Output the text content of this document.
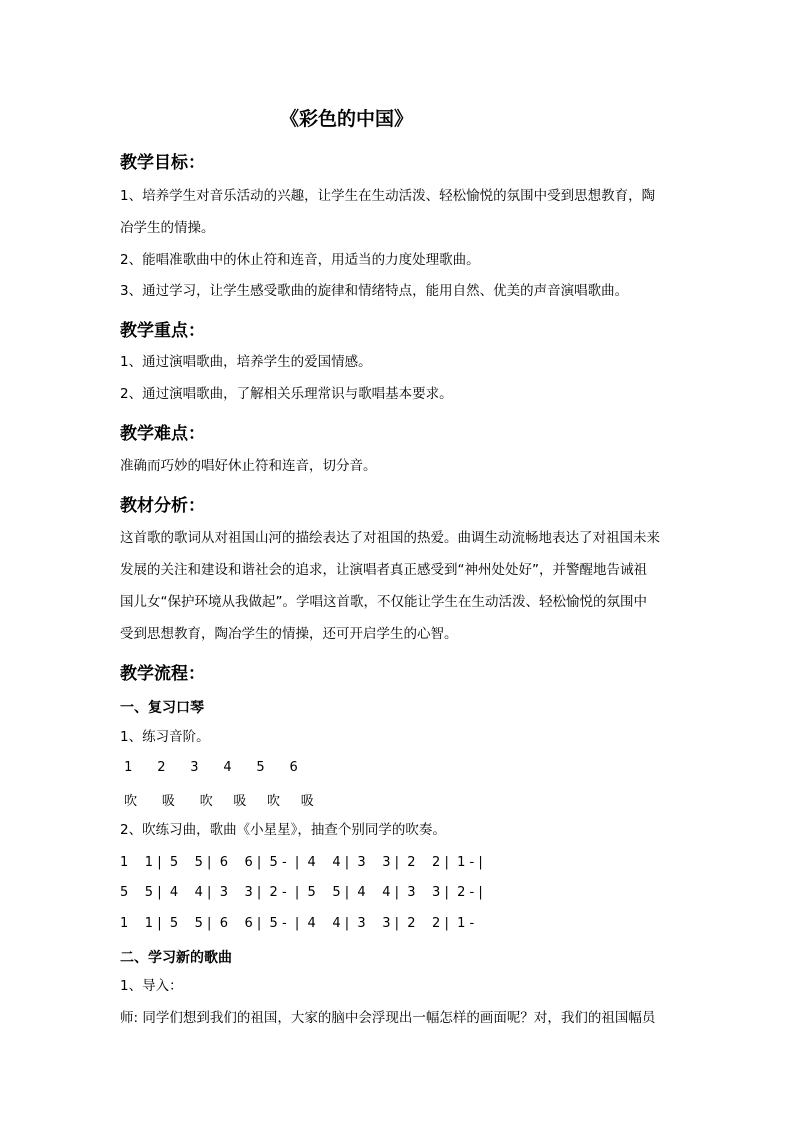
《彩色的中国》
教学目标：
1、培养学生对音乐活动的兴趣，让学生在生动活泼、轻松愉悦的氛围中受到思想教育，陶
冶学生的情操。
2、能唱准歌曲中的休止符和连音，用适当的力度处理歌曲。
3、通过学习，让学生感受歌曲的旋律和情绪特点，能用自然、优美的声音演唱歌曲。
教学重点：
1、通过演唱歌曲，培养学生的爱国情感。
2、通过演唱歌曲，了解相关乐理常识与歌唱基本要求。
教学难点：
准确而巧妙的唱好休止符和连音，切分音。
教材分析：
这首歌的歌词从对祖国山河的描绘表达了对祖国的热爱。曲调生动流畅地表达了对祖国未来
发展的关注和建设和谐社会的追求，让演唱者真正感受到“神州处处好”，并警醒地告诫祖
国儿女“保护环境从我做起”。学唱这首歌，不仅能让学生在生动活泼、轻松愉悦的氛围中
受到思想教育，陶冶学生的情操，还可开启学生的心智。
教学流程：
一、复习口琴
1、练习音阶。
1      2      3      4      5      6
吹      吸      吹     吸     吹     吸
2、吹练习曲，歌曲《小星星》，抽查个别同学的吹奏。
1    1 |  5    5 |  6    6 |  5 -  |  4    4 |  3    3 |  2    2 |  1 - |
5    5 |  4    4 |  3    3 |  2 -  |  5    5 |  4    4 |  3    3 |  2 - |
1    1 |  5    5 |  6    6 |  5 -  |  4    4 |  3    3 |  2    2 |  1 -
二、学习新的歌曲
1、导入：
师: 同学们想到我们的祖国，大家的脑中会浮现出一幅怎样的画面呢？对，我们的祖国幅员
